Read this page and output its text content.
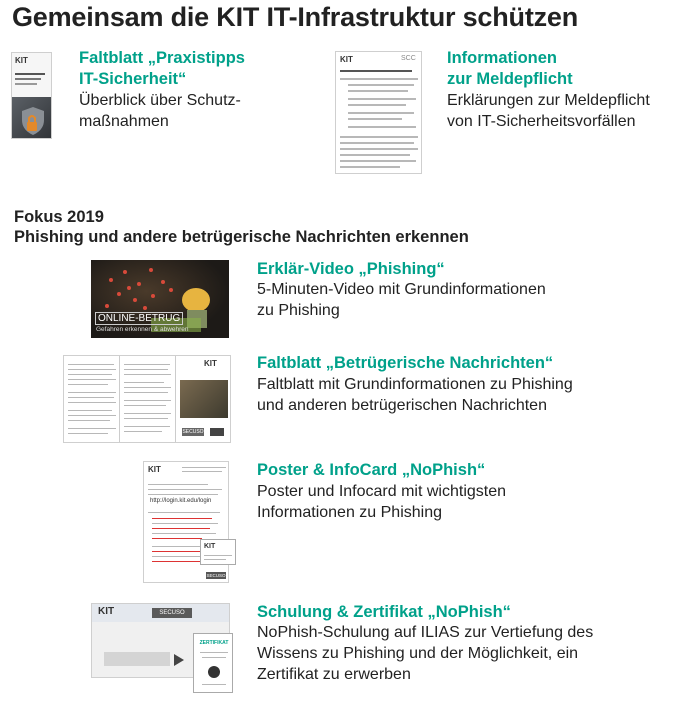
Gemeinsam die KIT IT-Infrastruktur schützen
KIT	Faltblatt „Praxistipps
IT-Sicherheit“
Überblick über Schutz-
maßnahmen
KIT	SCC Informationen
zur Meldepflicht
Erklärungen zur Meldepflicht
von IT-Sicherheitsvorfällen
Fokus 2019
Phishing und andere betrügerische Nachrichten erkennen
ONLINE-BETRUG
Gefahren erkennen & abwehren
Erklär-Video „Phishing“
5-Minuten-Video mit Grundinformationen
zu Phishing
KIT
SECUSO
Faltblatt „Betrügerische Nachrichten“
Faltblatt mit Grundinformationen zu Phishing
und anderen betrügerischen Nachrichten
KIT
http://login.kit.edu/login
SECUSO
KIT
Poster & InfoCard „NoPhish“
Poster und Infocard mit wichtigsten
Informationen zu Phishing
KIT	SECUSO
ZERTIFIKAT
Schulung & Zertifikat „NoPhish“
NoPhish-Schulung auf ILIAS zur Vertiefung des
Wissens zu Phishing und der Möglichkeit, ein
Zertifikat zu erwerben
